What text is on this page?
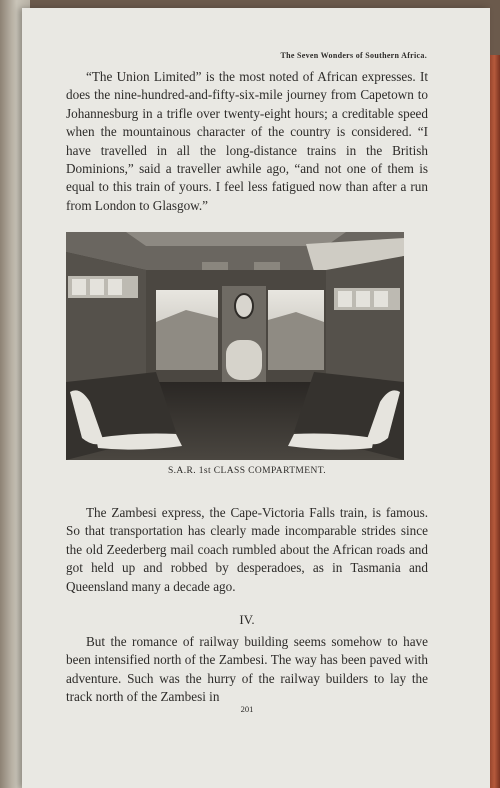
The Seven Wonders of Southern Africa.

“The Union Limited” is the most noted of African expresses. It does the nine-hundred-and-fifty-six-mile journey from Capetown to Johannesburg in a trifle over twenty-eight hours; a creditable speed when the mountainous character of the country is considered. “I have travelled in all the long-distance trains in the British Dominions,” said a traveller awhile ago, “and not one of them is equal to this train of yours. I feel less fatigued now than after a run from London to Glasgow.”

S.A.R. 1st CLASS COMPARTMENT.

The Zambesi express, the Cape-Victoria Falls train, is famous. So that transportation has clearly made incomparable strides since the old Zeederberg mail coach rumbled about the African roads and got held up and robbed by desperadoes, as in Tasmania and Queensland many a decade ago.

IV.

But the romance of railway building seems somehow to have been intensified north of the Zambesi. The way has been paved with adventure. Such was the hurry of the railway builders to lay the track north of the Zambesi in

201
